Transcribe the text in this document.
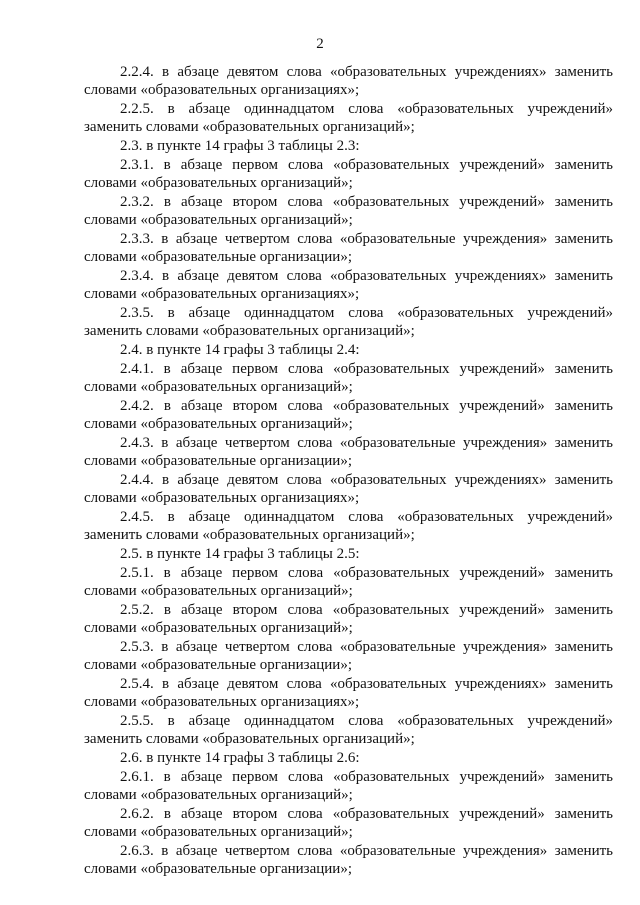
2
2.2.4. в абзаце девятом слова «образовательных учреждениях» заменить
словами «образовательных организациях»;
2.2.5. в абзаце одиннадцатом слова «образовательных учреждений»
заменить словами «образовательных организаций»;
2.3. в пункте 14 графы 3 таблицы 2.3:
2.3.1. в абзаце первом слова «образовательных учреждений» заменить
словами «образовательных организаций»;
2.3.2. в абзаце втором слова «образовательных учреждений» заменить
словами «образовательных организаций»;
2.3.3. в абзаце четвертом слова «образовательные учреждения» заменить
словами «образовательные организации»;
2.3.4. в абзаце девятом слова «образовательных учреждениях» заменить
словами «образовательных организациях»;
2.3.5. в абзаце одиннадцатом слова «образовательных учреждений»
заменить словами «образовательных организаций»;
2.4. в пункте 14 графы 3 таблицы 2.4:
2.4.1. в абзаце первом слова «образовательных учреждений» заменить
словами «образовательных организаций»;
2.4.2. в абзаце втором слова «образовательных учреждений» заменить
словами «образовательных организаций»;
2.4.3. в абзаце четвертом слова «образовательные учреждения» заменить
словами «образовательные организации»;
2.4.4. в абзаце девятом слова «образовательных учреждениях» заменить
словами «образовательных организациях»;
2.4.5. в абзаце одиннадцатом слова «образовательных учреждений»
заменить словами «образовательных организаций»;
2.5. в пункте 14 графы 3 таблицы 2.5:
2.5.1. в абзаце первом слова «образовательных учреждений» заменить
словами «образовательных организаций»;
2.5.2. в абзаце втором слова «образовательных учреждений» заменить
словами «образовательных организаций»;
2.5.3. в абзаце четвертом слова «образовательные учреждения» заменить
словами «образовательные организации»;
2.5.4. в абзаце девятом слова «образовательных учреждениях» заменить
словами «образовательных организациях»;
2.5.5. в абзаце одиннадцатом слова «образовательных учреждений»
заменить словами «образовательных организаций»;
2.6. в пункте 14 графы 3 таблицы 2.6:
2.6.1. в абзаце первом слова «образовательных учреждений» заменить
словами «образовательных организаций»;
2.6.2. в абзаце втором слова «образовательных учреждений» заменить
словами «образовательных организаций»;
2.6.3. в абзаце четвертом слова «образовательные учреждения» заменить
словами «образовательные организации»;
